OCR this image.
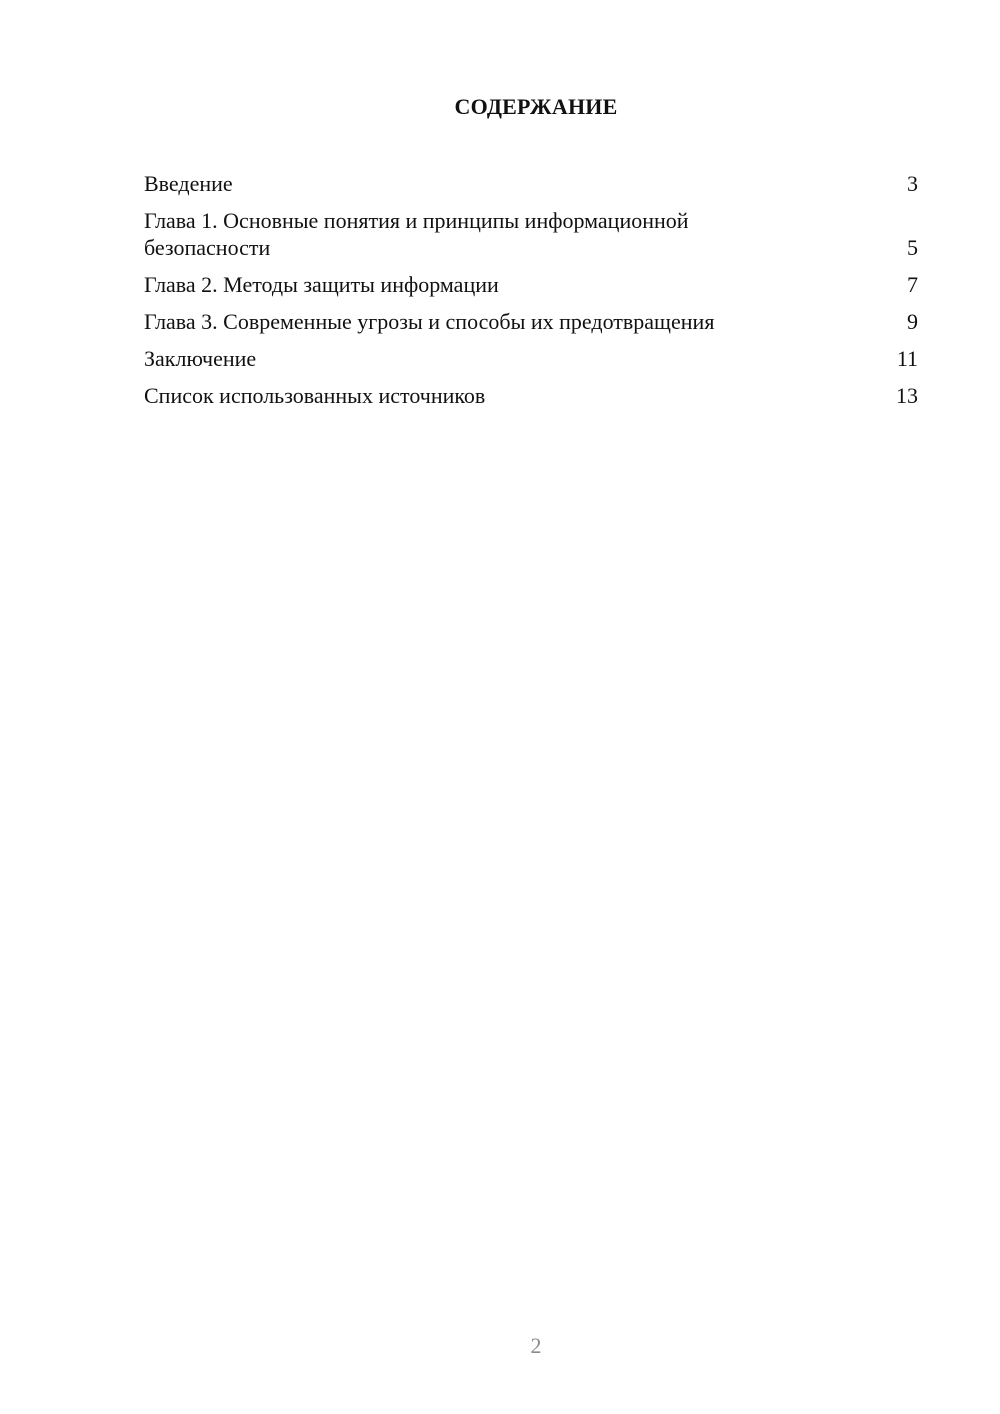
СОДЕРЖАНИЕ
Введение	3
Глава 1. Основные понятия и принципы информационной безопасности	5
Глава 2. Методы защиты информации	7
Глава 3. Современные угрозы и способы их предотвращения	9
Заключение	11
Список использованных источников	13
2
